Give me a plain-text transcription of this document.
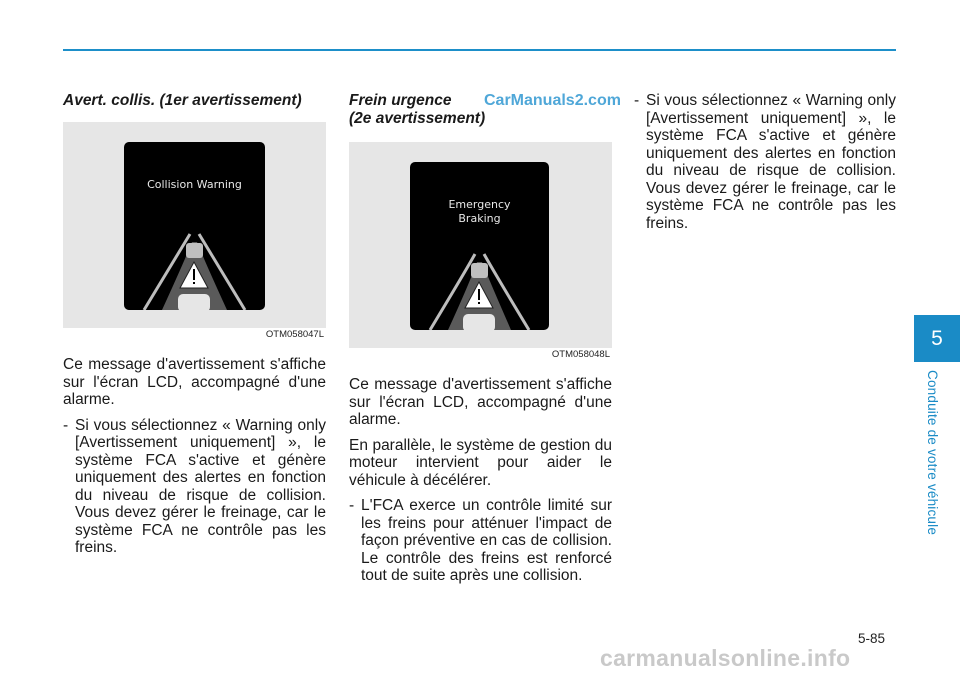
Avert. collis. (1er avertissement)
Collision Warning
OTM058047L

Ce message d'avertissement s'affiche sur l'écran LCD, accompagné d'une alarme.

- Si vous sélectionnez « Warning only [Avertissement uniquement] », le système FCA s'active et génère uniquement des alertes en fonction du niveau de risque de collision. Vous devez gérer le freinage, car le système FCA ne contrôle pas les freins.
Frein urgence
(2e avertissement)
Emergency
Braking
OTM058048L

Ce message d'avertissement s'affiche sur l'écran LCD, accompagné d'une alarme.

En parallèle, le système de gestion du moteur intervient pour aider le véhicule à décélérer.

- L'FCA exerce un contrôle limité sur les freins pour atténuer l'impact de façon préventive en cas de collision. Le contrôle des freins est renforcé tout de suite après une collision.
- Si vous sélectionnez « Warning only [Avertissement uniquement] », le système FCA s'active et génère uniquement des alertes en fonction du niveau de risque de collision. Vous devez gérer le freinage, car le système FCA ne contrôle pas les freins.
CarManuals2.com
5
Conduite de votre véhicule
5-85
carmanualsonline.info
